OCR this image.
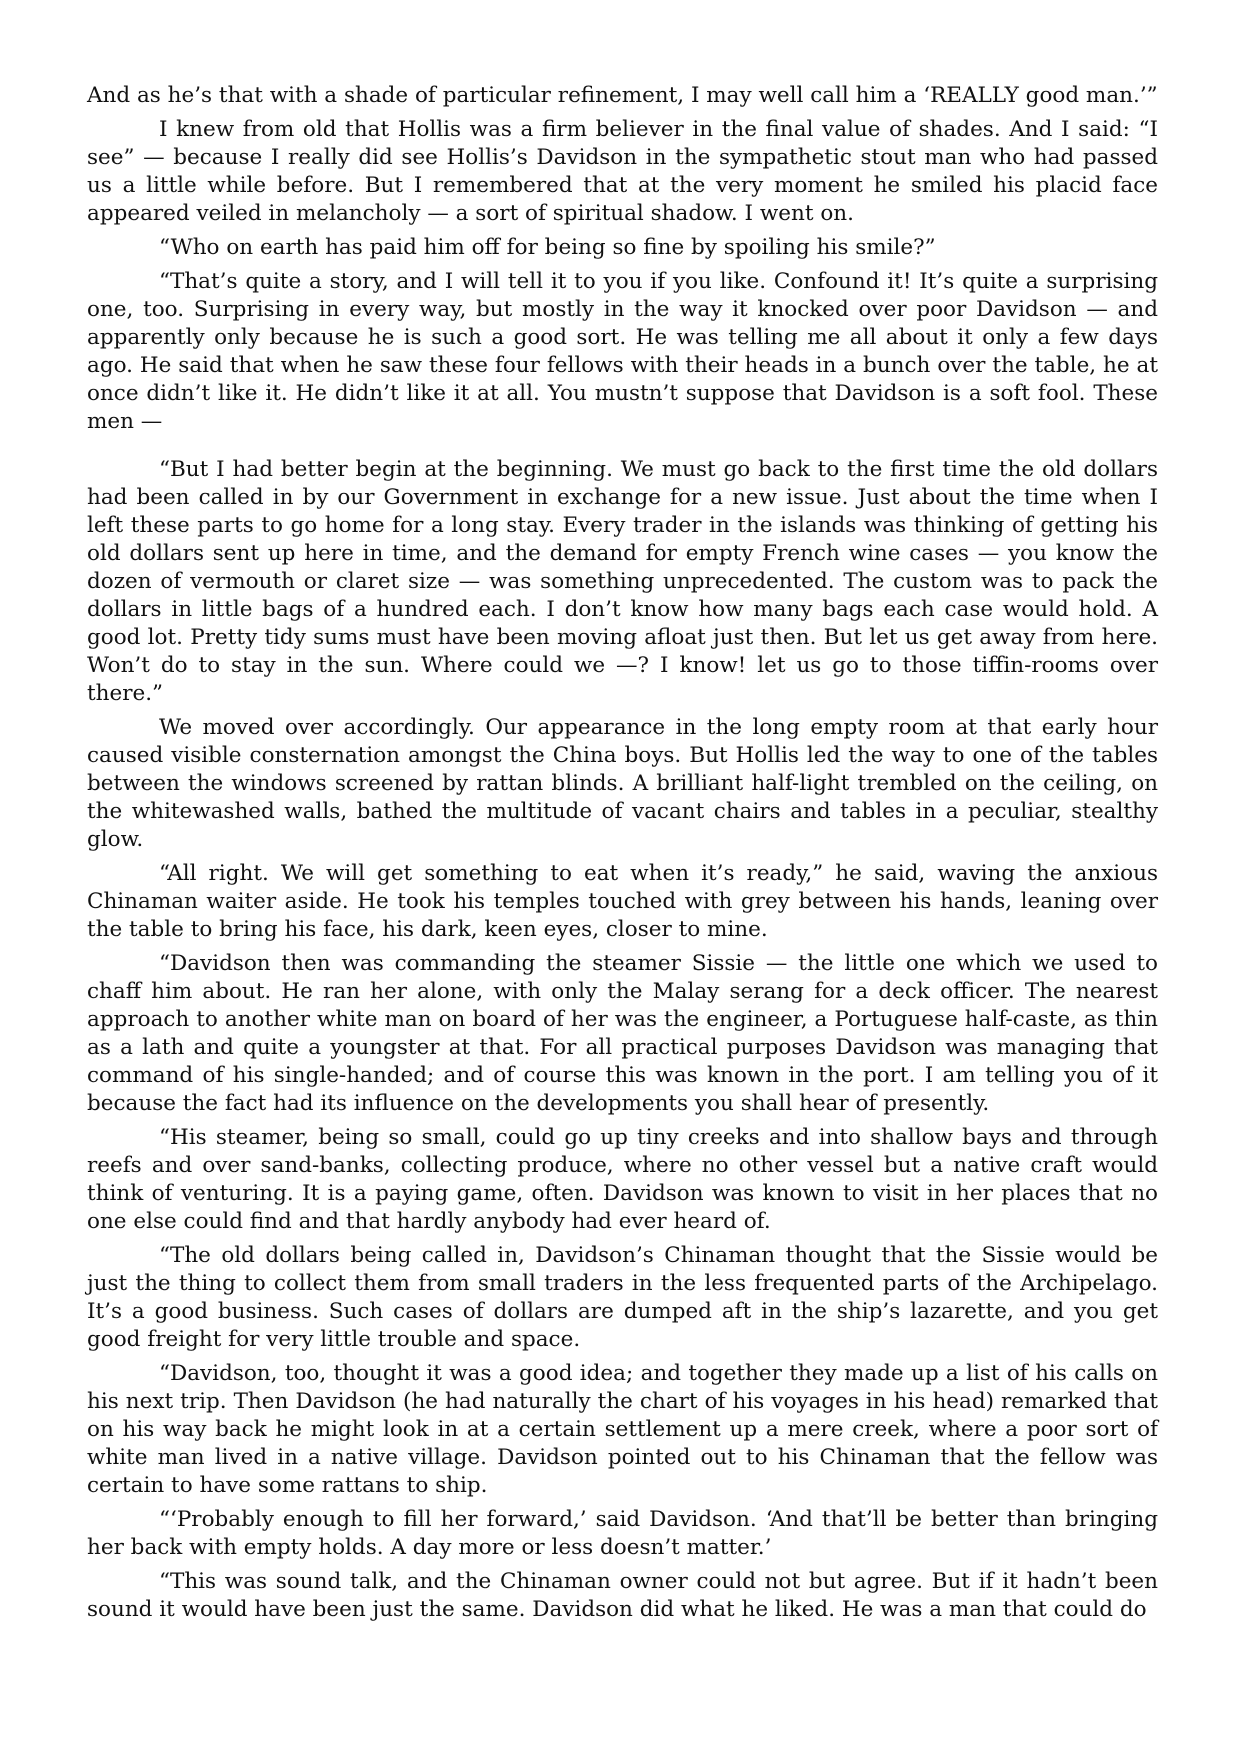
And as he’s that with a shade of particular refinement, I may well call him a ‘REALLY good man.’”

I knew from old that Hollis was a firm believer in the final value of shades. And I said: “I see” — because I really did see Hollis’s Davidson in the sympathetic stout man who had passed us a little while before. But I remembered that at the very moment he smiled his placid face appeared veiled in melancholy — a sort of spiritual shadow. I went on.

“Who on earth has paid him off for being so fine by spoiling his smile?”

“That’s quite a story, and I will tell it to you if you like. Confound it! It’s quite a surprising one, too. Surprising in every way, but mostly in the way it knocked over poor Davidson — and apparently only because he is such a good sort. He was telling me all about it only a few days ago. He said that when he saw these four fellows with their heads in a bunch over the table, he at once didn’t like it. He didn’t like it at all. You mustn’t suppose that Davidson is a soft fool. These men —

“But I had better begin at the beginning. We must go back to the first time the old dollars had been called in by our Government in exchange for a new issue. Just about the time when I left these parts to go home for a long stay. Every trader in the islands was thinking of getting his old dollars sent up here in time, and the demand for empty French wine cases — you know the dozen of vermouth or claret size — was something unprecedented. The custom was to pack the dollars in little bags of a hundred each. I don’t know how many bags each case would hold. A good lot. Pretty tidy sums must have been moving afloat just then. But let us get away from here. Won’t do to stay in the sun. Where could we —? I know! let us go to those tiffin-rooms over there.”

We moved over accordingly. Our appearance in the long empty room at that early hour caused visible consternation amongst the China boys. But Hollis led the way to one of the tables between the windows screened by rattan blinds. A brilliant half-light trembled on the ceiling, on the whitewashed walls, bathed the multitude of vacant chairs and tables in a peculiar, stealthy glow.

“All right. We will get something to eat when it’s ready,” he said, waving the anxious Chinaman waiter aside. He took his temples touched with grey between his hands, leaning over the table to bring his face, his dark, keen eyes, closer to mine.

“Davidson then was commanding the steamer Sissie — the little one which we used to chaff him about. He ran her alone, with only the Malay serang for a deck officer. The nearest approach to another white man on board of her was the engineer, a Portuguese half-caste, as thin as a lath and quite a youngster at that. For all practical purposes Davidson was managing that command of his single-handed; and of course this was known in the port. I am telling you of it because the fact had its influence on the developments you shall hear of presently.

“His steamer, being so small, could go up tiny creeks and into shallow bays and through reefs and over sand-banks, collecting produce, where no other vessel but a native craft would think of venturing. It is a paying game, often. Davidson was known to visit in her places that no one else could find and that hardly anybody had ever heard of.

“The old dollars being called in, Davidson’s Chinaman thought that the Sissie would be just the thing to collect them from small traders in the less frequented parts of the Archipelago. It’s a good business. Such cases of dollars are dumped aft in the ship’s lazarette, and you get good freight for very little trouble and space.

“Davidson, too, thought it was a good idea; and together they made up a list of his calls on his next trip. Then Davidson (he had naturally the chart of his voyages in his head) remarked that on his way back he might look in at a certain settlement up a mere creek, where a poor sort of white man lived in a native village. Davidson pointed out to his Chinaman that the fellow was certain to have some rattans to ship.

“‘Probably enough to fill her forward,’ said Davidson. ‘And that’ll be better than bringing her back with empty holds. A day more or less doesn’t matter.’

“This was sound talk, and the Chinaman owner could not but agree. But if it hadn’t been sound it would have been just the same. Davidson did what he liked. He was a man that could do
